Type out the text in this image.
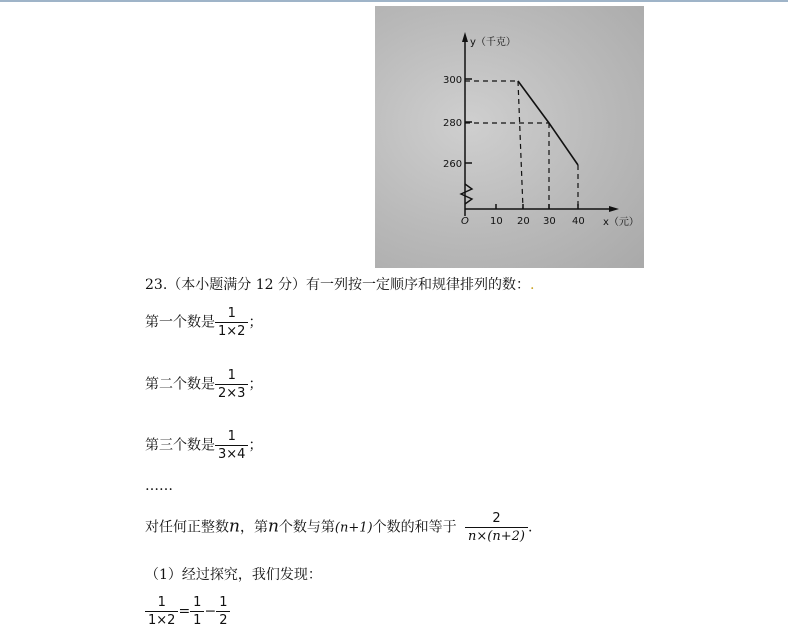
y（千克）
x（元）
300
280
260
O 10 20 30 40
23.（本小题满分 12 分）有一列按一定顺序和规律排列的数：.
第一个数是 $\frac{1}{1\times 2}$ ；
第二个数是 $\frac{1}{2\times 3}$ ；
第三个数是 $\frac{1}{3\times 4}$ ；
……
对任何正整数n，第n个数与第(n+1)个数的和等于 $\frac{2}{n\times(n+2)}$ .
（1）经过探究，我们发现：
$\frac{1}{1\times 2} = \frac{1}{1} - \frac{1}{2}$
